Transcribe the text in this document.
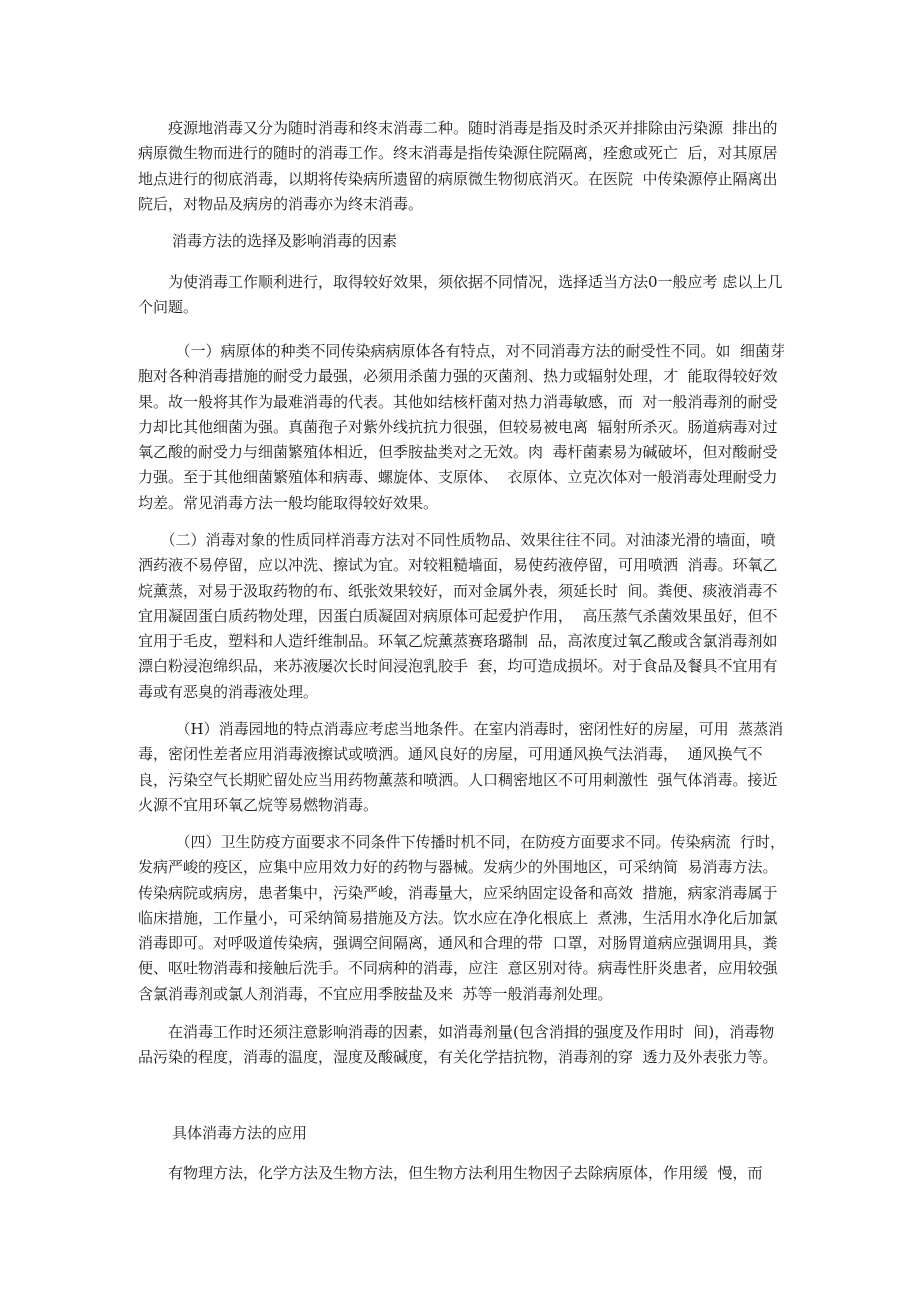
　　疫源地消毒又分为随时消毒和终末消毒二种。随时消毒是指及时杀灭并排除由污染源  排出的病原微生物而进行的随时的消毒工作。终末消毒是指传染源住院隔离，痊愈或死亡  后，对其原居地点进行的彻底消毒，以期将传染病所遗留的病原微生物彻底消灭。在医院  中传染源停止隔离出院后，对物品及病房的消毒亦为终末消毒。

消毒方法的选择及影响消毒的因素

　　为使消毒工作顺利进行，取得较好效果，须依据不同情况，选择适当方法0一般应考 虑以上几个问题。

　　　（一）病原体的种类不同传染病病原体各有特点，对不同消毒方法的耐受性不同。如  细菌芽胞对各种消毒措施的耐受力最强，必须用杀菌力强的灭菌剂、热力或辐射处理，才  能取得较好效果。故一般将其作为最难消毒的代表。其他如结核杆菌对热力消毒敏感，而  对一般消毒剂的耐受力却比其他细菌为强。真菌孢子对紫外线抗抗力很强，但较易被电离  辐射所杀灭。肠道病毒对过氧乙酸的耐受力与细菌繁殖体相近，但季胺盐类对之无效。肉  毒杆菌素易为碱破坏，但对酸耐受力强。至于其他细菌繁殖体和病毒、螺旋体、支原体、  衣原体、立克次体对一般消毒处理耐受力均差。常见消毒方法一般均能取得较好效果。

　　（二）消毒对象的性质同样消毒方法对不同性质物品、效果往往不同。对油漆光滑的墙面，喷洒药液不易停留，应以冲洗、擦试为宜。对较粗糙墙面，易使药液停留，可用喷洒  消毒。环氧乙烷薰蒸，对易于汲取药物的布、纸张效果较好，而对金属外表，须延长时  间。粪便、痰液消毒不宜用凝固蛋白质药物处理，因蛋白质凝固对病原体可起爱护作用，  高压蒸气杀菌效果虽好，但不宜用于毛皮，塑料和人造纤维制品。环氧乙烷薰蒸赛珞璐制  品，高浓度过氧乙酸或含氯消毒剂如漂白粉浸泡绵织品，来苏液屡次长时间浸泡乳胶手  套，均可造成损坏。对于食品及餐具不宜用有毒或有恶臭的消毒液处理。

　　　（H）消毒园地的特点消毒应考虑当地条件。在室内消毒时，密闭性好的房屋，可用  蒸蒸消毒，密闭性差者应用消毒液擦试或喷洒。通风良好的房屋，可用通风换气法消毒，  通风换气不良，污染空气长期贮留处应当用药物薰蒸和喷洒。人口稠密地区不可用刺激性  强气体消毒。接近火源不宜用环氧乙烷等易燃物消毒。

　　　（四）卫生防疫方面要求不同条件下传播时机不同，在防疫方面要求不同。传染病流  行时，发病严峻的疫区，应集中应用效力好的药物与器械。发病少的外围地区，可采纳简  易消毒方法。传染病院或病房，患者集中，污染严峻，消毒量大，应采纳固定设备和高效  措施，病家消毒属于临床措施，工作量小，可采纳简易措施及方法。饮水应在净化根底上  煮沸，生活用水净化后加氯消毒即可。对呼吸道传染病，强调空间隔离，通风和合理的带  口罩，对肠胃道病应强调用具，粪便、呕吐物消毒和接触后洗手。不同病种的消毒，应注  意区别对待。病毒性肝炎患者，应用较强含氯消毒剂或氯人剂消毒，不宜应用季胺盐及来  苏等一般消毒剂处理。

　　在消毒工作时还须注意影响消毒的因素，如消毒剂量(包含消揖的强度及作用时  间)，消毒物品污染的程度，消毒的温度，湿度及酸碱度，有关化学拮抗物，消毒剂的穿  透力及外表张力等。

具体消毒方法的应用

　　有物理方法，化学方法及生物方法，但生物方法利用生物因子去除病原体，作用缓  慢，而
